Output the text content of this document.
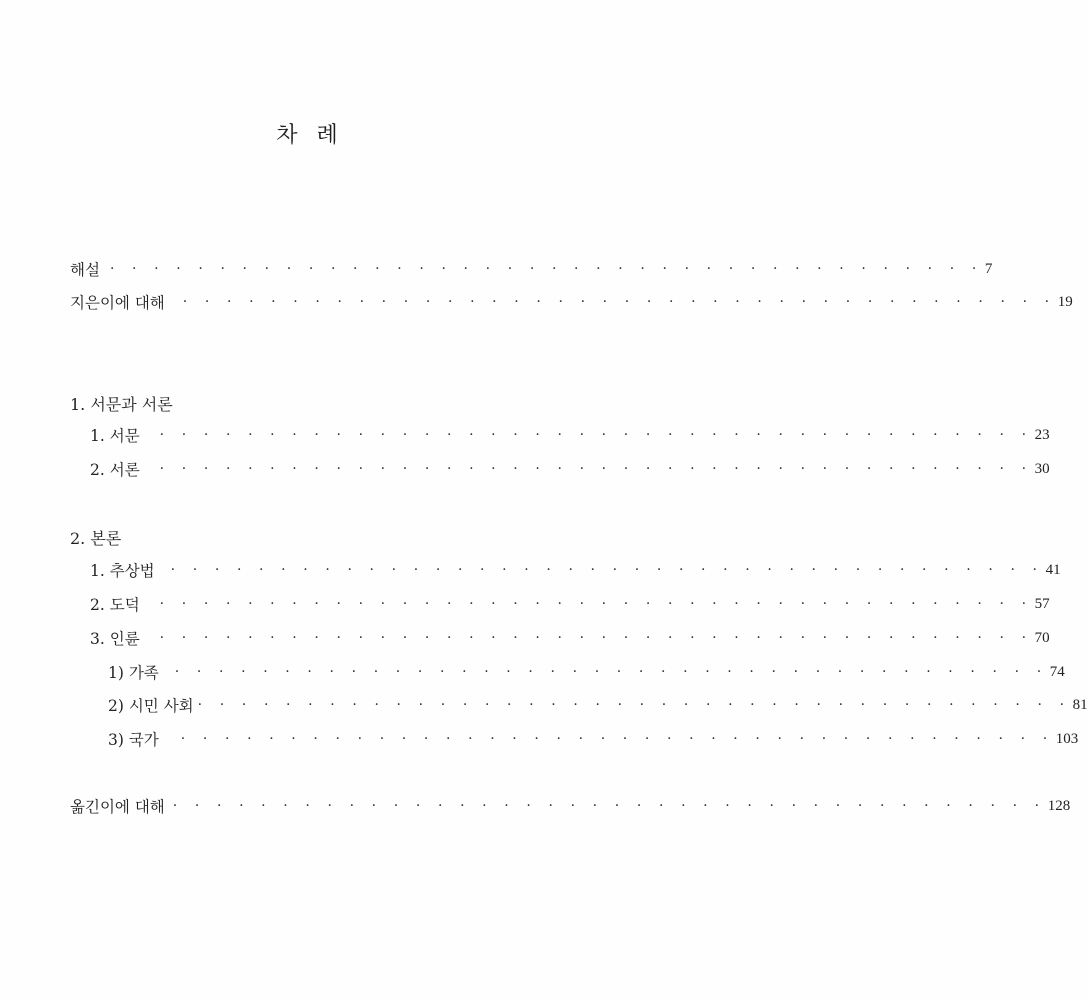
차 례
해설 · · · · · · · · · · · · · · · · · · · · · · · · · · · · · · · · · · · · · · · · 7
지은이에 대해	· · · · · · · · · · · · · · · · · · · · · · · · · · · · · · · · · · · · · · · · 19
1. 서문과 서론
1. 서문	· · · · · · · · · · · · · · · · · · · · · · · · · · · · · · · · · · · · · · · · 23
2. 서론	· · · · · · · · · · · · · · · · · · · · · · · · · · · · · · · · · · · · · · · · 30
2. 본론
1. 추상법	· · · · · · · · · · · · · · · · · · · · · · · · · · · · · · · · · · · · · · · · 41
2. 도덕	· · · · · · · · · · · · · · · · · · · · · · · · · · · · · · · · · · · · · · · · 57
3. 인륜	· · · · · · · · · · · · · · · · · · · · · · · · · · · · · · · · · · · · · · · · 70
1) 가족	· · · · · · · · · · · · · · · · · · · · · · · · · · · · · · · · · · · · · · · · 74
2) 시민 사회 · · · · · · · · · · · · · · · · · · · · · · · · · · · · · · · · · · · · · · · · 81
3) 국가	· · · · · · · · · · · · · · · · · · · · · · · · · · · · · · · · · · · · · · · · 103
옮긴이에 대해 · · · · · · · · · · · · · · · · · · · · · · · · · · · · · · · · · · · · · · · · 128
